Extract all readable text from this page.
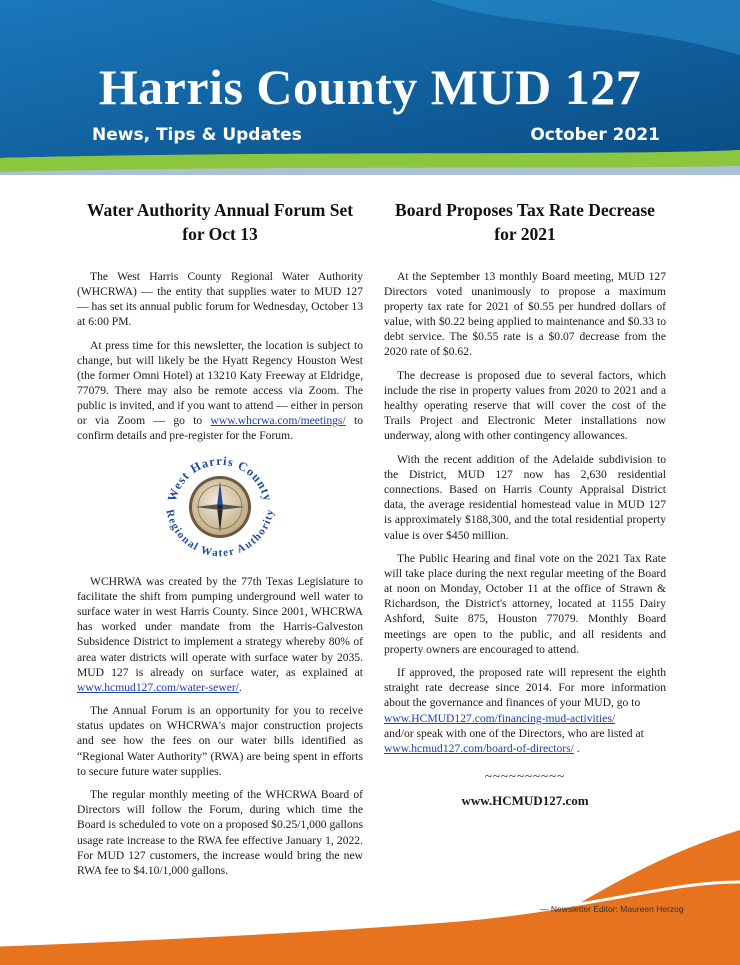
Harris County MUD 127
News, Tips & Updates	October 2021
Water Authority Annual Forum Set for Oct 13

The West Harris County Regional Water Authority (WHCRWA) — the entity that supplies water to MUD 127 — has set its annual public forum for Wednesday, October 13 at 6:00 PM.

At press time for this newsletter, the location is subject to change, but will likely be the Hyatt Regency Houston West (the former Omni Hotel) at 13210 Katy Freeway at Eldridge, 77079. There may also be remote access via Zoom. The public is invited, and if you want to attend — either in person or via Zoom — go to www.whcrwa.com/meetings/ to confirm details and pre-register for the Forum.

West Harris County
Regional Water Authority

WCHRWA was created by the 77th Texas Legislature to facilitate the shift from pumping underground well water to surface water in west Harris County. Since 2001, WHCRWA has worked under mandate from the Harris-Galveston Subsidence District to implement a strategy whereby 80% of area water districts will operate with surface water by 2035. MUD 127 is already on surface water, as explained at www.hcmud127.com/water-sewer/.

The Annual Forum is an opportunity for you to receive status updates on WHCRWA's major construction projects and see how the fees on our water bills identified as “Regional Water Authority” (RWA) are being spent in efforts to secure future water supplies.

The regular monthly meeting of the WHCRWA Board of Directors will follow the Forum, during which time the Board is scheduled to vote on a proposed $0.25/1,000 gallons usage rate increase to the RWA fee effective January 1, 2022. For MUD 127 customers, the increase would bring the new RWA fee to $4.10/1,000 gallons.

Board Proposes Tax Rate Decrease for 2021

At the September 13 monthly Board meeting, MUD 127 Directors voted unanimously to propose a maximum property tax rate for 2021 of $0.55 per hundred dollars of value, with $0.22 being applied to maintenance and $0.33 to debt service. The $0.55 rate is a $0.07 decrease from the 2020 rate of $0.62.

The decrease is proposed due to several factors, which include the rise in property values from 2020 to 2021 and a healthy operating reserve that will cover the cost of the Trails Project and Electronic Meter installations now underway, along with other contingency allowances.

With the recent addition of the Adelaide subdivision to the District, MUD 127 now has 2,630 residential connections. Based on Harris County Appraisal District data, the average residential homestead value in MUD 127 is approximately $188,300, and the total residential property value is over $450 million.

The Public Hearing and final vote on the 2021 Tax Rate will take place during the next regular meeting of the Board at noon on Monday, October 11 at the office of Strawn & Richardson, the District's attorney, located at 1155 Dairy Ashford, Suite 875, Houston 77079. Monthly Board meetings are open to the public, and all residents and property owners are encouraged to attend.

If approved, the proposed rate will represent the eighth straight rate decrease since 2014. For more information about the governance and finances of your MUD, go to
www.HCMUD127.com/financing-mud-activities/
and/or speak with one of the Directors, who are listed at
www.hcmud127.com/board-of-directors/ .

~~~~~~~~~~

www.HCMUD127.com

— Newsletter Editor: Maureen Herzog
